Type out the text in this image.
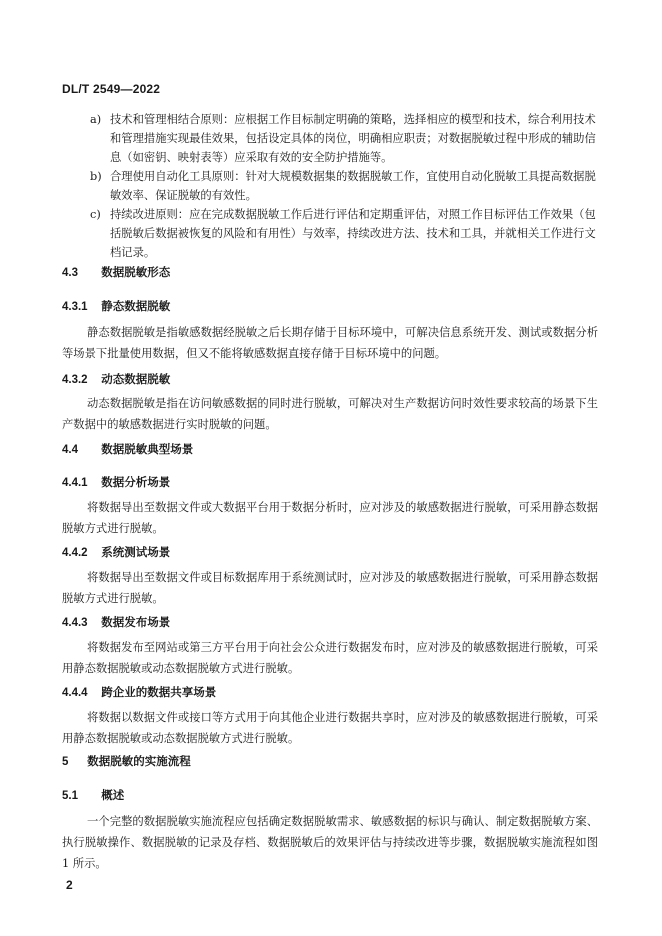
DL/T 2549—2022
a) 技术和管理相结合原则：应根据工作目标制定明确的策略，选择相应的模型和技术，综合利用技术和管理措施实现最佳效果，包括设定具体的岗位，明确相应职责；对数据脱敏过程中形成的辅助信息（如密钥、映射表等）应采取有效的安全防护措施等。
b) 合理使用自动化工具原则：针对大规模数据集的数据脱敏工作，宜使用自动化脱敏工具提高数据脱敏效率、保证脱敏的有效性。
c) 持续改进原则：应在完成数据脱敏工作后进行评估和定期重评估，对照工作目标评估工作效果（包括脱敏后数据被恢复的风险和有用性）与效率，持续改进方法、技术和工具，并就相关工作进行文档记录。
4.3 数据脱敏形态
4.3.1 静态数据脱敏
静态数据脱敏是指敏感数据经脱敏之后长期存储于目标环境中，可解决信息系统开发、测试或数据分析等场景下批量使用数据，但又不能将敏感数据直接存储于目标环境中的问题。
4.3.2 动态数据脱敏
动态数据脱敏是指在访问敏感数据的同时进行脱敏，可解决对生产数据访问时效性要求较高的场景下生产数据中的敏感数据进行实时脱敏的问题。
4.4 数据脱敏典型场景
4.4.1 数据分析场景
将数据导出至数据文件或大数据平台用于数据分析时，应对涉及的敏感数据进行脱敏，可采用静态数据脱敏方式进行脱敏。
4.4.2 系统测试场景
将数据导出至数据文件或目标数据库用于系统测试时，应对涉及的敏感数据进行脱敏，可采用静态数据脱敏方式进行脱敏。
4.4.3 数据发布场景
将数据发布至网站或第三方平台用于向社会公众进行数据发布时，应对涉及的敏感数据进行脱敏，可采用静态数据脱敏或动态数据脱敏方式进行脱敏。
4.4.4 跨企业的数据共享场景
将数据以数据文件或接口等方式用于向其他企业进行数据共享时，应对涉及的敏感数据进行脱敏，可采用静态数据脱敏或动态数据脱敏方式进行脱敏。
5 数据脱敏的实施流程
5.1 概述
一个完整的数据脱敏实施流程应包括确定数据脱敏需求、敏感数据的标识与确认、制定数据脱敏方案、执行脱敏操作、数据脱敏的记录及存档、数据脱敏后的效果评估与持续改进等步骤，数据脱敏实施流程如图 1 所示。
2
